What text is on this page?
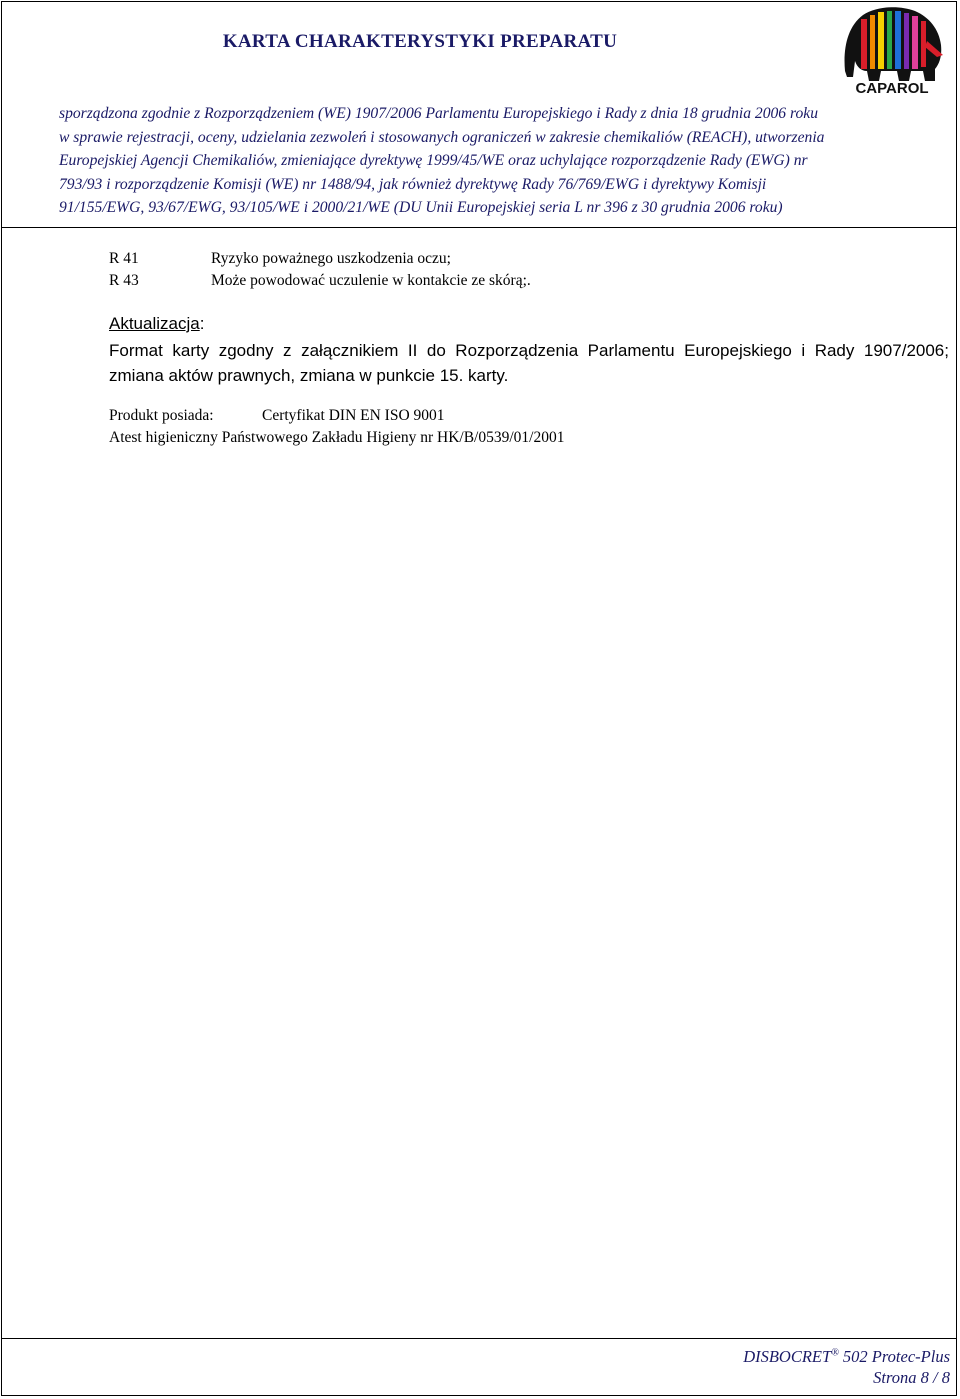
KARTA CHARAKTERYSTYKI PREPARATU
CAPAROL
sporządzona zgodnie z Rozporządzeniem (WE) 1907/2006 Parlamentu Europejskiego i Rady z dnia 18 grudnia 2006 roku
w sprawie rejestracji, oceny, udzielania zezwoleń i stosowanych ograniczeń w zakresie chemikaliów (REACH), utworzenia
Europejskiej Agencji Chemikaliów, zmieniające dyrektywę 1999/45/WE oraz uchylające rozporządzenie Rady (EWG) nr
793/93 i rozporządzenie Komisji (WE) nr 1488/94, jak również dyrektywę Rady 76/769/EWG i dyrektywy Komisji
91/155/EWG, 93/67/EWG, 93/105/WE i 2000/21/WE (DU Unii Europejskiej seria L nr 396 z 30 grudnia 2006 roku)
R 41	Ryzyko poważnego uszkodzenia oczu;
R 43	Może powodować uczulenie w kontakcie ze skórą;.
Aktualizacja:
Format karty zgodny z załącznikiem II do Rozporządzenia Parlamentu Europejskiego i Rady 1907/2006; zmiana aktów prawnych, zmiana w punkcie 15. karty.
Produkt posiada:	Certyfikat DIN EN ISO 9001
Atest higieniczny Państwowego Zakładu Higieny nr HK/B/0539/01/2001
DISBOCRET® 502 Protec-Plus
Strona 8 / 8
